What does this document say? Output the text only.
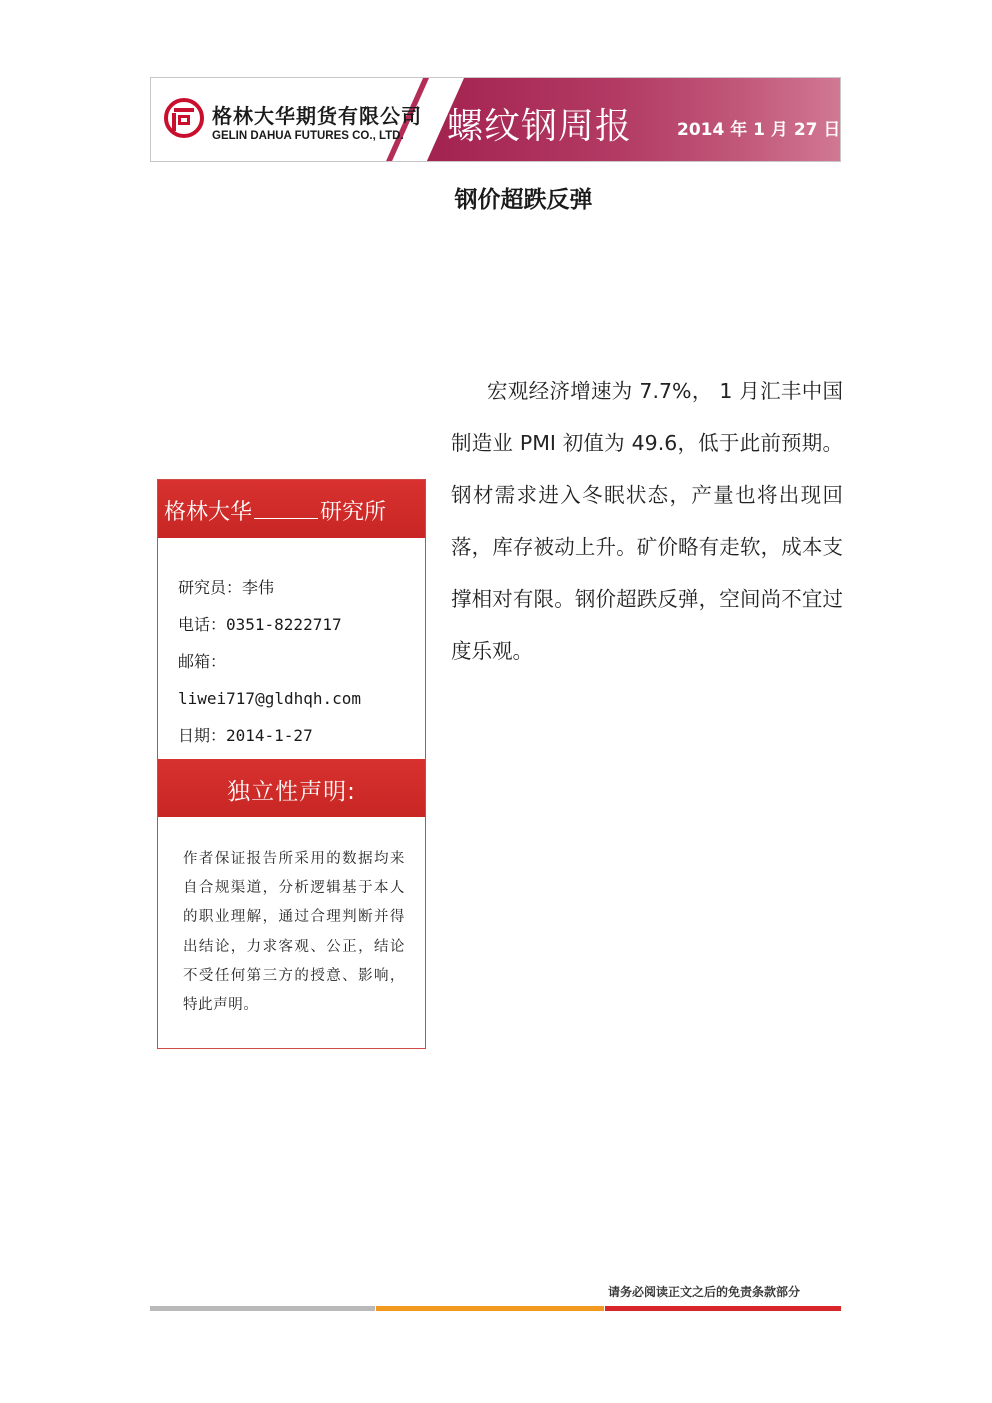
格林大华期货有限公司
GELIN DAHUA FUTURES CO., LTD. 螺纹钢周报	2014 年 1 月 27 日
钢价超跌反弹
宏观经济增速为 7.7%， 1 月汇丰中国制造业 PMI 初值为 49.6，低于此前预期。钢材需求进入冬眠状态，产量也将出现回落，库存被动上升。矿价略有走软，成本支撑相对有限。钢价超跌反弹，空间尚不宜过度乐观。
格林大华	研究所
研究员：李伟
电话：0351-8222717
邮箱：
liwei717@gldhqh.com
日期：2014-1-27
独立性声明:
作者保证报告所采用的数据均来自合规渠道，分析逻辑基于本人的职业理解，通过合理判断并得出结论，力求客观、公正，结论不受任何第三方的授意、影响，特此声明。
请务必阅读正文之后的免责条款部分
